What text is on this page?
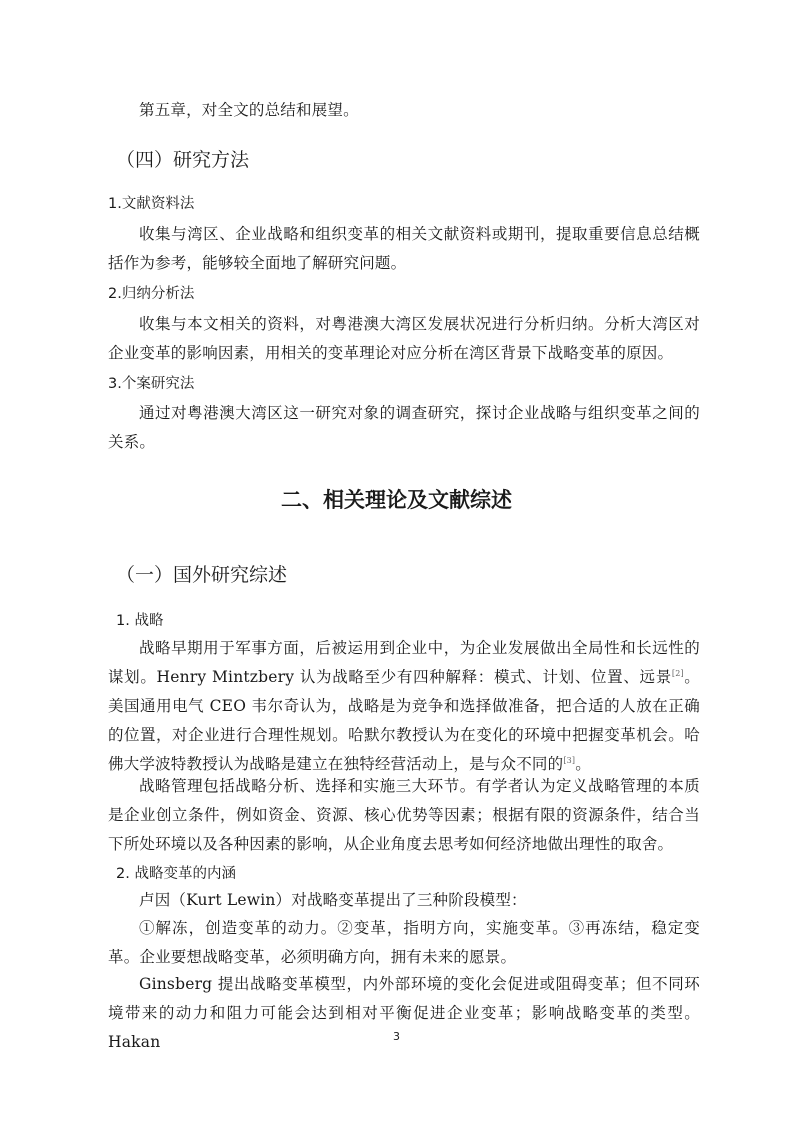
第五章，对全文的总结和展望。

（四）研究方法
1.文献资料法

收集与湾区、企业战略和组织变革的相关文献资料或期刊，提取重要信息总结概括作为参考，能够较全面地了解研究问题。

2.归纳分析法

收集与本文相关的资料，对粤港澳大湾区发展状况进行分析归纳。分析大湾区对企业变革的影响因素，用相关的变革理论对应分析在湾区背景下战略变革的原因。

3.个案研究法

通过对粤港澳大湾区这一研究对象的调查研究，探讨企业战略与组织变革之间的关系。

二、相关理论及文献综述
（一）国外研究综述
1. 战略

战略早期用于军事方面，后被运用到企业中，为企业发展做出全局性和长远性的谋划。Henry Mintzbery 认为战略至少有四种解释：模式、计划、位置、远景[2]。美国通用电气 CEO 韦尔奇认为，战略是为竞争和选择做准备，把合适的人放在正确的位置，对企业进行合理性规划。哈默尔教授认为在变化的环境中把握变革机会。哈佛大学波特教授认为战略是建立在独特经营活动上，是与众不同的[3]。

战略管理包括战略分析、选择和实施三大环节。有学者认为定义战略管理的本质是企业创立条件，例如资金、资源、核心优势等因素；根据有限的资源条件，结合当下所处环境以及各种因素的影响，从企业角度去思考如何经济地做出理性的取舍。

2. 战略变革的内涵

卢因（Kurt Lewin）对战略变革提出了三种阶段模型：

①解冻，创造变革的动力。②变革，指明方向，实施变革。③再冻结，稳定变革。企业要想战略变革，必须明确方向，拥有未来的愿景。

Ginsberg 提出战略变革模型，内外部环境的变化会促进或阻碍变革；但不同环境带来的动力和阻力可能会达到相对平衡促进企业变革；影响战略变革的类型。Hakan	3
